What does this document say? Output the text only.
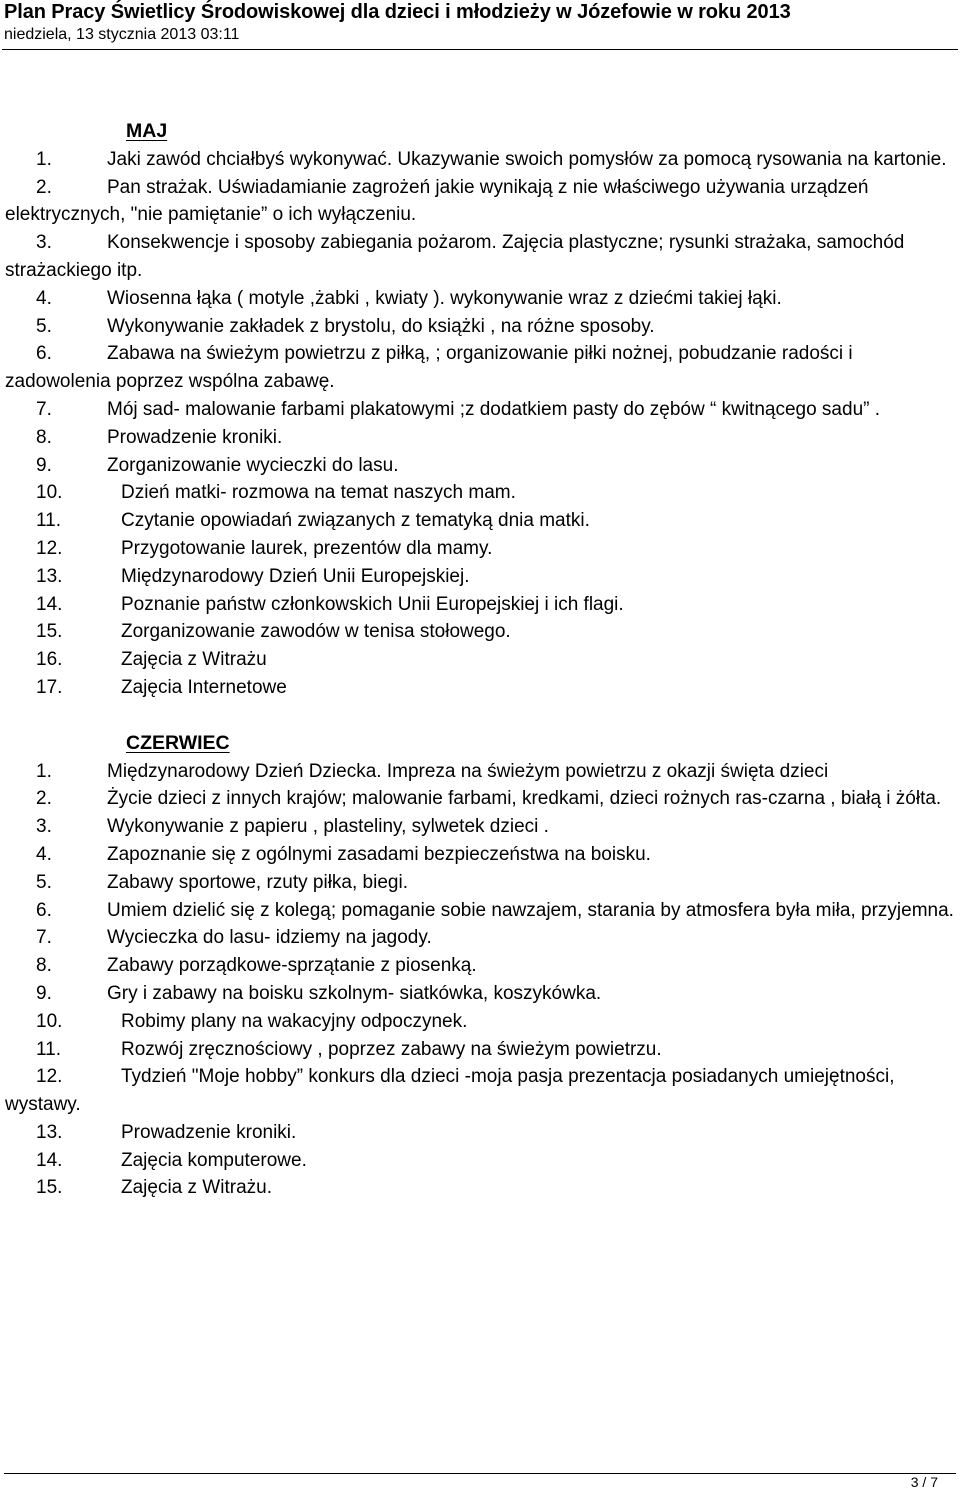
Plan Pracy Świetlicy Środowiskowej dla dzieci i młodzieży w Józefowie w roku 2013
niedziela, 13 stycznia 2013 03:11
MAJ
1.	Jaki zawód chciałbyś wykonywać. Ukazywanie swoich pomysłów za pomocą rysowania na kartonie.
2.	Pan strażak. Uświadamianie zagrożeń jakie wynikają z nie właściwego używania urządzeń elektrycznych, "nie pamiętanie” o ich wyłączeniu.
3.	Konsekwencje i sposoby zabiegania pożarom. Zajęcia plastyczne; rysunki strażaka, samochód strażackiego itp.
4.	Wiosenna łąka ( motyle ,żabki , kwiaty ). wykonywanie wraz z dziećmi takiej łąki.
5.	Wykonywanie zakładek z brystolu, do książki , na różne sposoby.
6.	Zabawa na świeżym powietrzu z piłką, ; organizowanie piłki nożnej, pobudzanie radości i zadowolenia poprzez wspólna zabawę.
7.	Mój sad- malowanie farbami plakatowymi ;z dodatkiem pasty do zębów “ kwitnącego sadu” .
8.	Prowadzenie kroniki.
9.	Zorganizowanie wycieczki do lasu.
10.	Dzień matki- rozmowa na temat naszych mam.
11.	Czytanie opowiadań związanych z tematyką dnia matki.
12.	Przygotowanie laurek, prezentów dla mamy.
13.	Międzynarodowy Dzień Unii Europejskiej.
14.	Poznanie państw członkowskich Unii Europejskiej i ich flagi.
15.	Zorganizowanie zawodów w tenisa stołowego.
16.	Zajęcia z Witrażu
17.	Zajęcia Internetowe
CZERWIEC
1.	Międzynarodowy Dzień Dziecka. Impreza na świeżym powietrzu z okazji święta dzieci
2.	Życie dzieci z innych krajów; malowanie farbami, kredkami, dzieci rożnych ras-czarna , białą i żółta.
3.	Wykonywanie z papieru , plasteliny, sylwetek dzieci .
4.	Zapoznanie się z ogólnymi zasadami bezpieczeństwa na boisku.
5.	Zabawy sportowe, rzuty piłka, biegi.
6.	Umiem dzielić się z kolegą; pomaganie sobie nawzajem, starania by atmosfera była miła, przyjemna.
7.	Wycieczka do lasu- idziemy na jagody.
8.	Zabawy porządkowe-sprzątanie z piosenką.
9.	Gry i zabawy na boisku szkolnym- siatkówka, koszykówka.
10.	Robimy plany na wakacyjny odpoczynek.
11.	Rozwój zręcznościowy , poprzez zabawy na świeżym powietrzu.
12.	Tydzień "Moje hobby” konkurs dla dzieci -moja pasja prezentacja posiadanych umiejętności, wystawy.
13.	Prowadzenie kroniki.
14.	Zajęcia komputerowe.
15.	Zajęcia z Witrażu.
3 / 7
